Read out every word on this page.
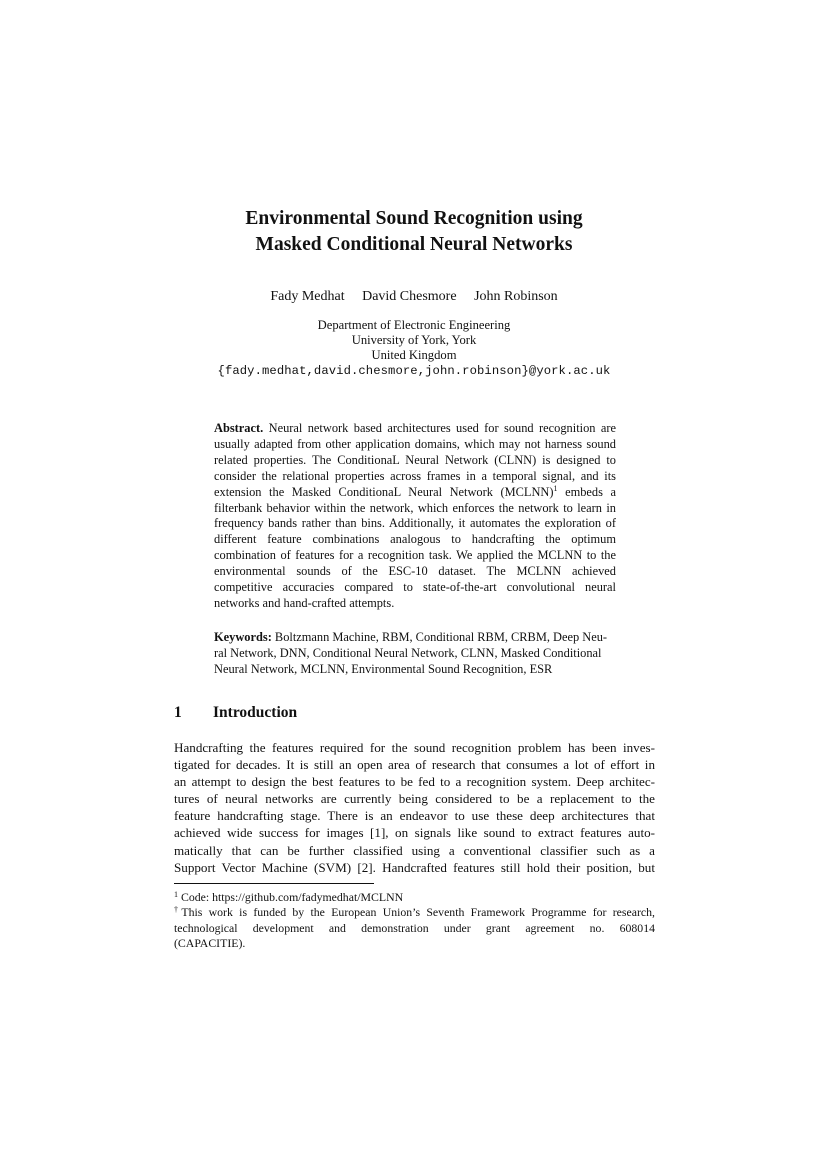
Environmental Sound Recognition using
Masked Conditional Neural Networks
Fady Medhat David Chesmore John Robinson
Department of Electronic Engineering
University of York, York
United Kingdom
{fady.medhat,david.chesmore,john.robinson}@york.ac.uk
Abstract. Neural network based architectures used for sound recognition are usually adapted from other application domains, which may not harness sound related properties. The ConditionaL Neural Network (CLNN) is designed to consider the relational properties across frames in a temporal signal, and its extension the Masked ConditionaL Neural Network (MCLNN)$^1$ embeds a filterbank behavior within the network, which enforces the network to learn in frequency bands rather than bins. Additionally, it automates the exploration of different feature combinations analogous to handcrafting the optimum combination of features for a recognition task. We applied the MCLNN to the environmental sounds of the ESC-10 dataset. The MCLNN achieved competitive accuracies compared to state-of-the-art convolutional neural networks and hand-crafted attempts.
Keywords: Boltzmann Machine, RBM, Conditional RBM, CRBM, Deep Neu-
ral Network, DNN, Conditional Neural Network, CLNN, Masked Conditional
Neural Network, MCLNN, Environmental Sound Recognition, ESR
1 Introduction
Handcrafting the features required for the sound recognition problem has been inves-
tigated for decades. It is still an open area of research that consumes a lot of effort in
an attempt to design the best features to be fed to a recognition system. Deep architec-
tures of neural networks are currently being considered to be a replacement to the
feature handcrafting stage. There is an endeavor to use these deep architectures that
achieved wide success for images [1], on signals like sound to extract features auto-
matically that can be further classified using a conventional classifier such as a
Support Vector Machine (SVM) [2]. Handcrafted features still hold their position, but
$^1$ Code: https://github.com/fadymedhat/MCLNN
†This work is funded by the European Union’s Seventh Framework Programme for research,
technological development and demonstration under grant agreement no. 608014
(CAPACITIE).
